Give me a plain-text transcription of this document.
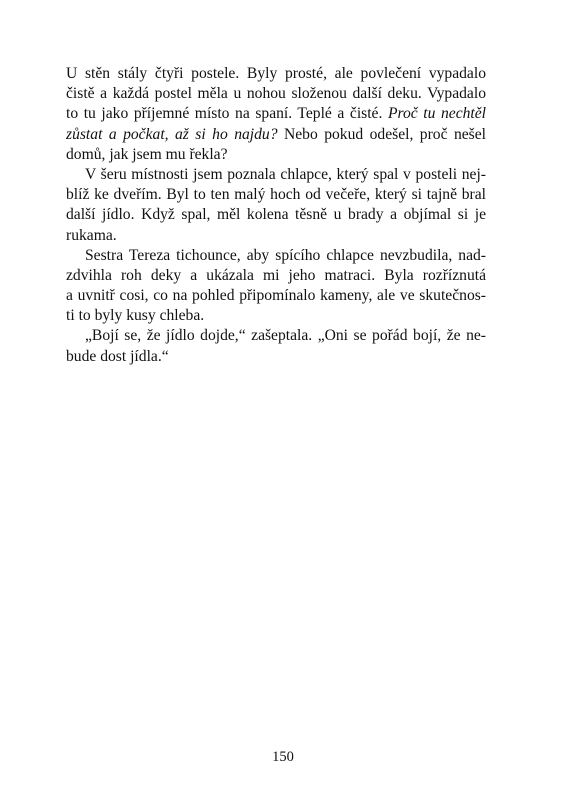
U stěn stály čtyři postele. Byly prosté, ale povlečení vypadalo
čistě a každá postel měla u nohou složenou další deku. Vypadalo
to tu jako příjemné místo na spaní. Teplé a čisté. Proč tu nechtěl
zůstat a počkat, až si ho najdu? Nebo pokud odešel, proč nešel
domů, jak jsem mu řekla?
V šeru místnosti jsem poznala chlapce, který spal v posteli nej-
blíž ke dveřím. Byl to ten malý hoch od večeře, který si tajně bral
další jídlo. Když spal, měl kolena těsně u brady a objímal si je
rukama.
Sestra Tereza tichounce, aby spícího chlapce nevzbudila, nad-
zdvihla roh deky a ukázala mi jeho matraci. Byla rozříznutá
a uvnitř cosi, co na pohled připomínalo kameny, ale ve skutečnos-
ti to byly kusy chleba.
„Bojí se, že jídlo dojde,“ zašeptala. „Oni se pořád bojí, že ne-
bude dost jídla.“
150
